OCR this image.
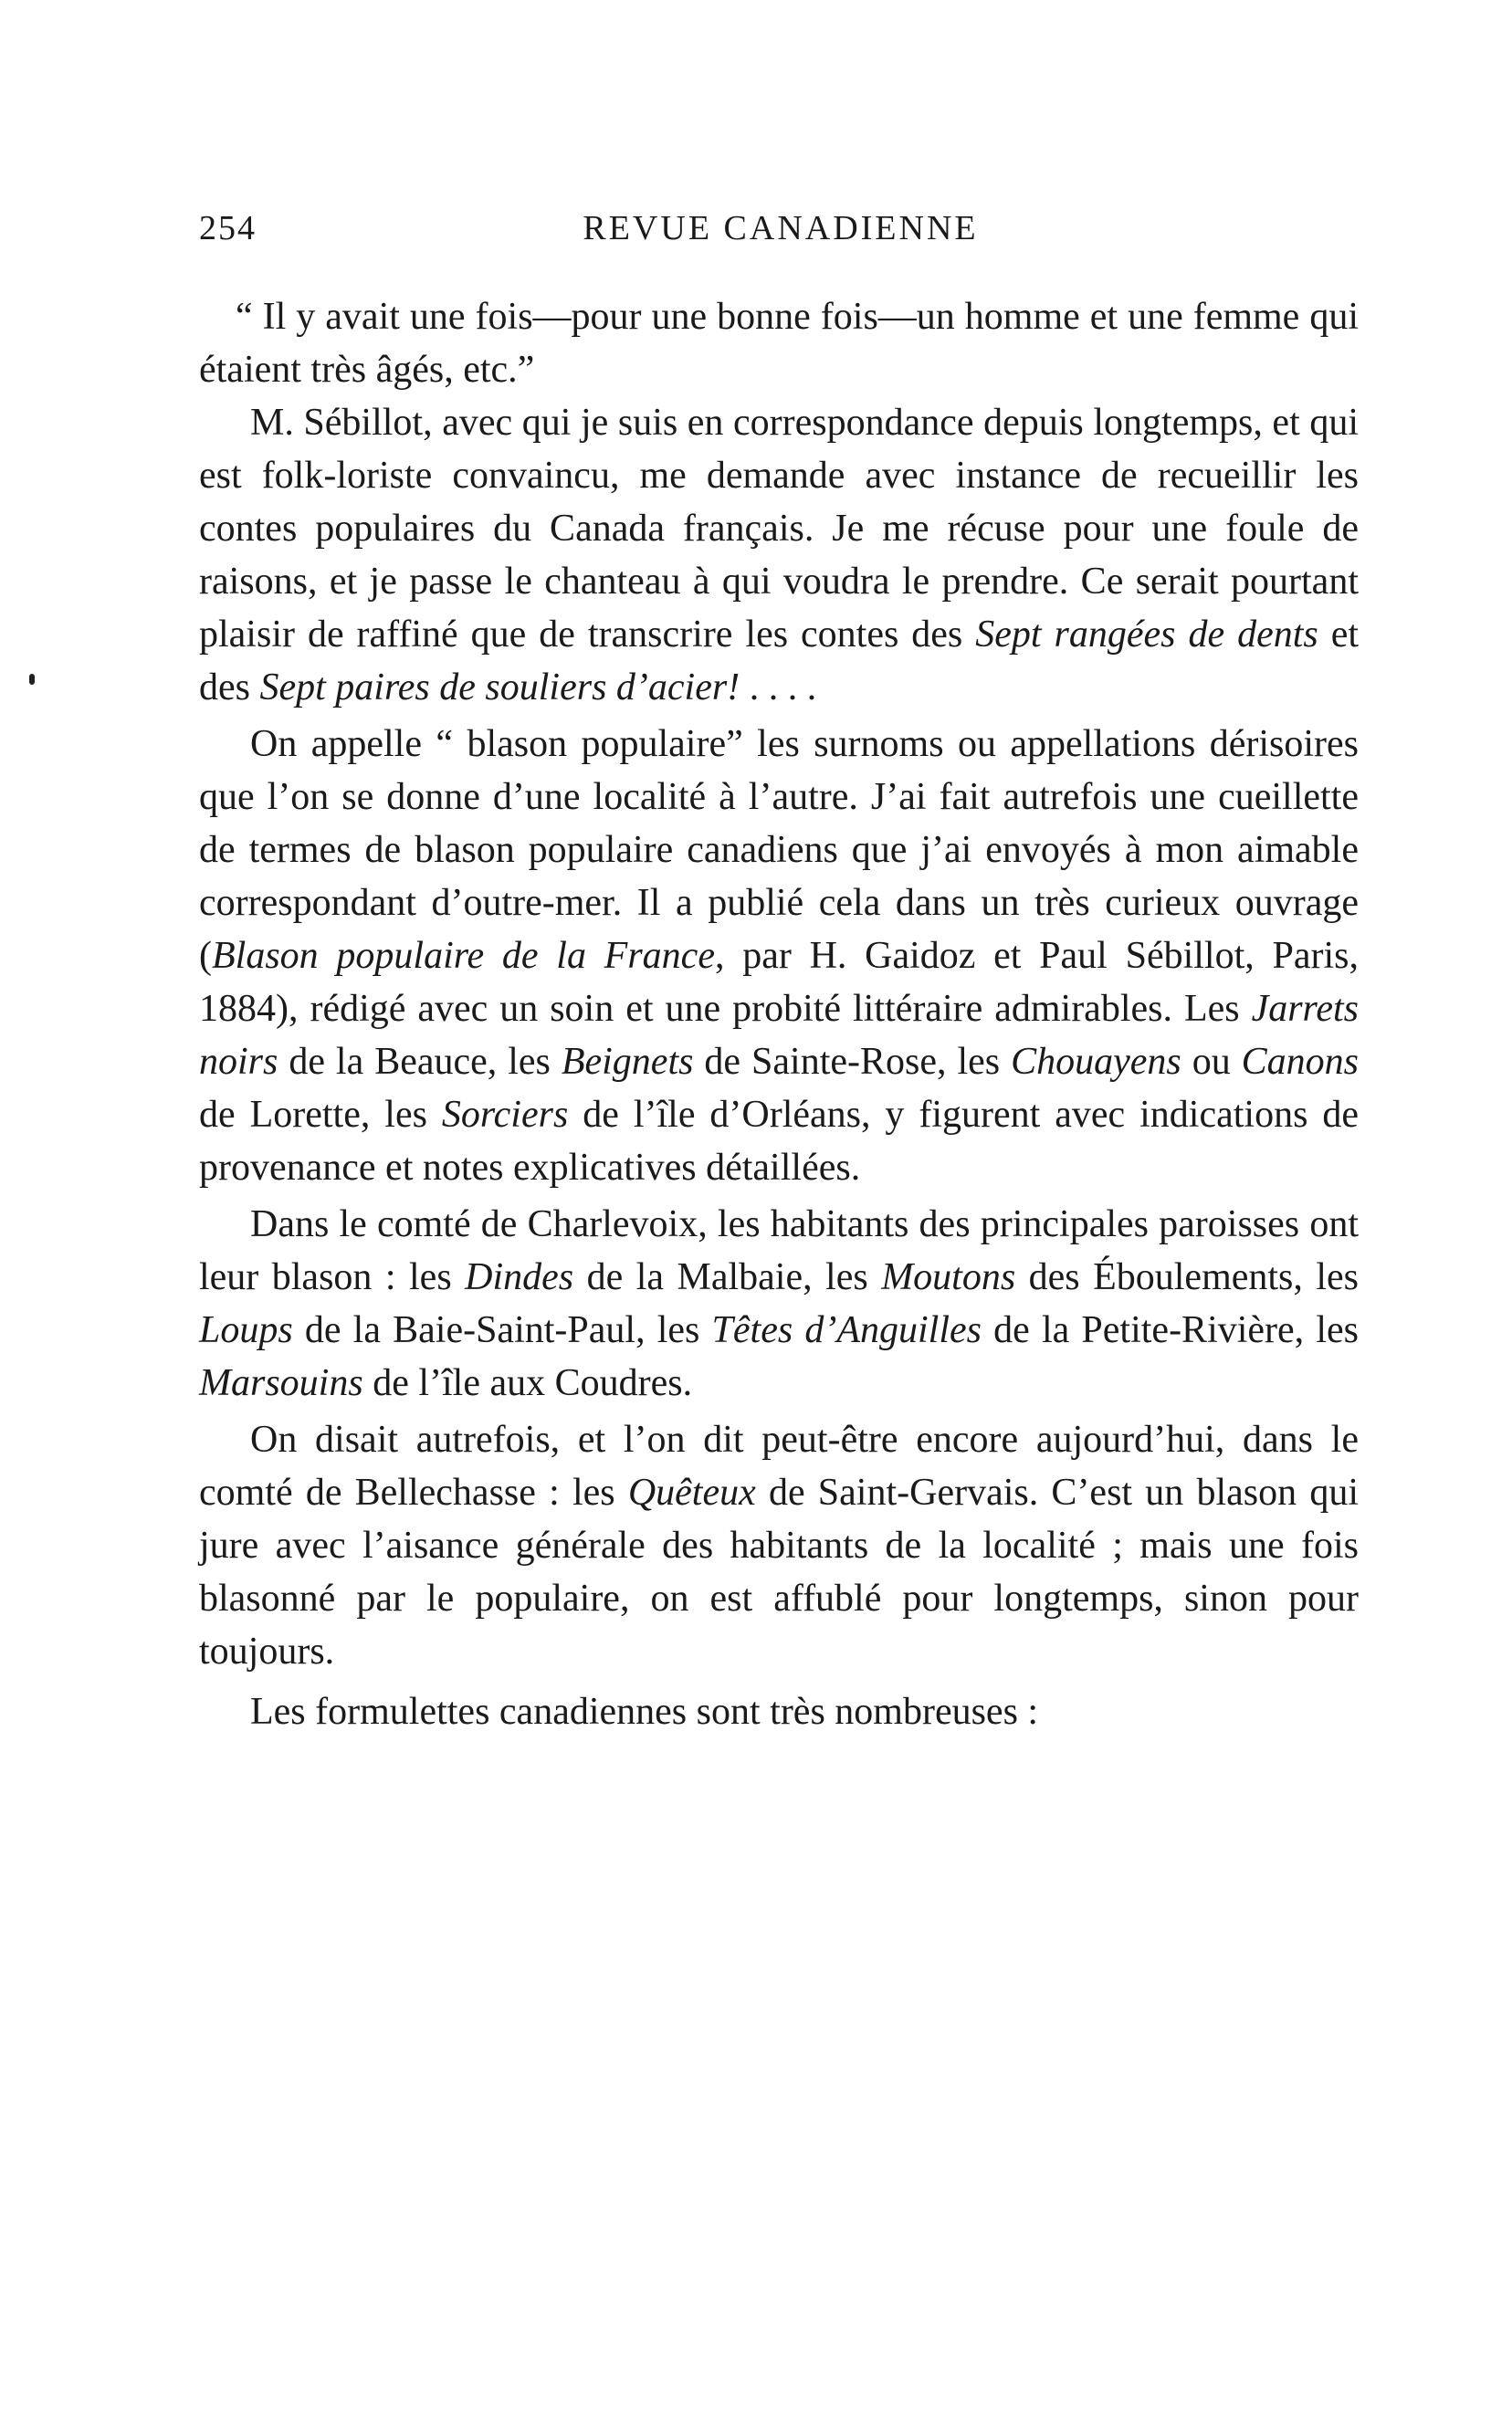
254	REVUE CANADIENNE

“ Il y avait une fois—pour une bonne fois—un homme et une femme qui étaient très âgés, etc.”

M. Sébillot, avec qui je suis en correspondance depuis longtemps, et qui est folk-loriste convaincu, me demande avec instance de recueillir les contes populaires du Canada français. Je me récuse pour une foule de raisons, et je passe le chanteau à qui voudra le prendre. Ce serait pourtant plaisir de raffiné que de transcrire les contes des Sept rangées de dents et des Sept paires de souliers d’acier! . . . .

On appelle “ blason populaire” les surnoms ou appellations dérisoires que l’on se donne d’une localité à l’autre. J’ai fait autrefois une cueillette de termes de blason populaire canadiens que j’ai envoyés à mon aimable correspondant d’outre-mer. Il a publié cela dans un très curieux ouvrage (Blason populaire de la France, par H. Gaidoz et Paul Sébillot, Paris, 1884), rédigé avec un soin et une probité littéraire admirables. Les Jarrets noirs de la Beauce, les Beignets de Sainte-Rose, les Chouayens ou Canons de Lorette, les Sorciers de l’île d’Orléans, y figurent avec indications de provenance et notes explicatives détaillées.

Dans le comté de Charlevoix, les habitants des principales paroisses ont leur blason : les Dindes de la Malbaie, les Moutons des Éboulements, les Loups de la Baie-Saint-Paul, les Têtes d’Anguilles de la Petite-Rivière, les Marsouins de l’île aux Coudres.

On disait autrefois, et l’on dit peut-être encore aujourd’hui, dans le comté de Bellechasse : les Quêteux de Saint-Gervais. C’est un blason qui jure avec l’aisance générale des habitants de la localité ; mais une fois blasonné par le populaire, on est affublé pour longtemps, sinon pour toujours.

Les formulettes canadiennes sont très nombreuses :
